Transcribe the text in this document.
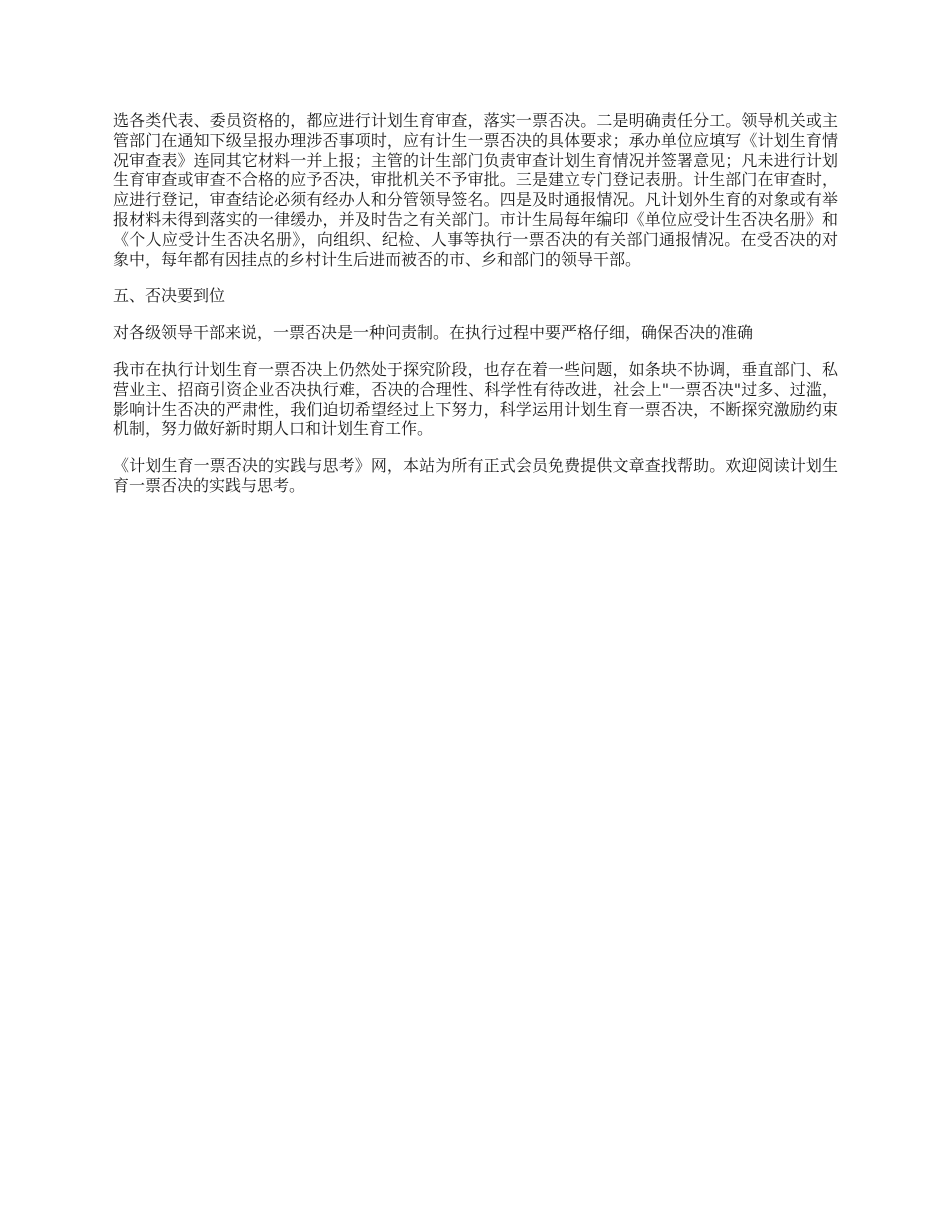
选各类代表、委员资格的，都应进行计划生育审查，落实一票否决。二是明确责任分工。领导机关或主管部门在通知下级呈报办理涉否事项时，应有计生一票否决的具体要求；承办单位应填写《计划生育情况审查表》连同其它材料一并上报；主管的计生部门负责审查计划生育情况并签署意见；凡未进行计划生育审查或审查不合格的应予否决，审批机关不予审批。三是建立专门登记表册。计生部门在审查时，应进行登记，审查结论必须有经办人和分管领导签名。四是及时通报情况。凡计划外生育的对象或有举报材料未得到落实的一律缓办，并及时告之有关部门。市计生局每年编印《单位应受计生否决名册》和《个人应受计生否决名册》，向组织、纪检、人事等执行一票否决的有关部门通报情况。在受否决的对象中，每年都有因挂点的乡村计生后进而被否的市、乡和部门的领导干部。

五、否决要到位

对各级领导干部来说，一票否决是一种问责制。在执行过程中要严格仔细，确保否决的准确

我市在执行计划生育一票否决上仍然处于探究阶段，也存在着一些问题，如条块不协调，垂直部门、私营业主、招商引资企业否决执行难，否决的合理性、科学性有待改进，社会上"一票否决"过多、过滥，影响计生否决的严肃性，我们迫切希望经过上下努力，科学运用计划生育一票否决，不断探究激励约束机制，努力做好新时期人口和计划生育工作。

《计划生育一票否决的实践与思考》网，本站为所有正式会员免费提供文章查找帮助。欢迎阅读计划生育一票否决的实践与思考。
